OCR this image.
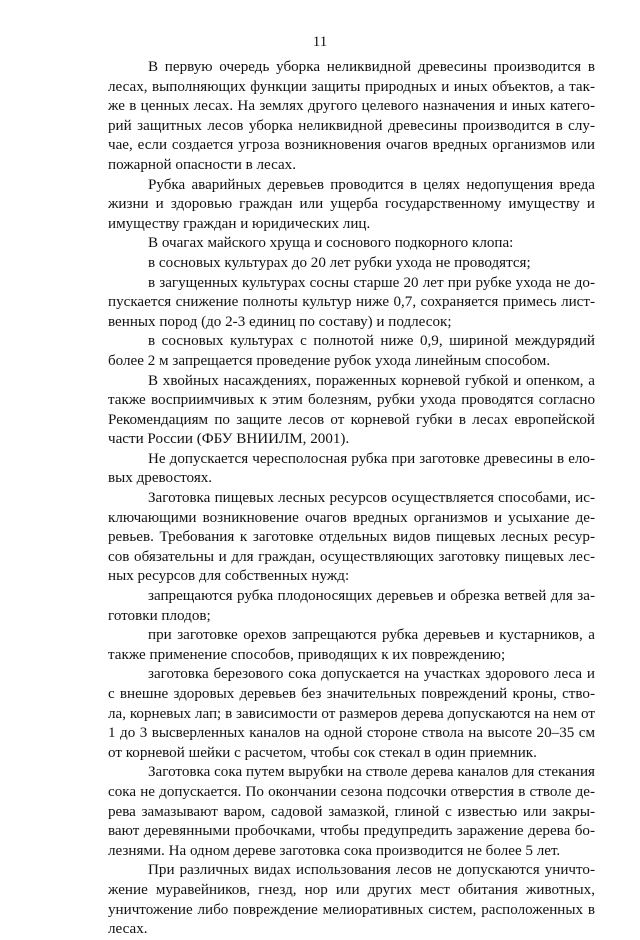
11

В первую очередь уборка неликвидной древесины производится в лесах, выполняющих функции защиты природных и иных объектов, а также в ценных лесах. На землях другого целевого назначения и иных категорий защитных лесов уборка неликвидной древесины производится в случае, если создается угроза возникновения очагов вредных организмов или пожарной опасности в лесах.

Рубка аварийных деревьев проводится в целях недопущения вреда жизни и здоровью граждан или ущерба государственному имуществу и имуществу граждан и юридических лиц.

В очагах майского хруща и соснового подкорного клопа:

в сосновых культурах до 20 лет рубки ухода не проводятся;

в загущенных культурах сосны старше 20 лет при рубке ухода не допускается снижение полноты культур ниже 0,7, сохраняется примесь лиственных пород (до 2-3 единиц по составу) и подлесок;

в сосновых культурах с полнотой ниже 0,9, шириной междурядий более 2 м запрещается проведение рубок ухода линейным способом.

В хвойных насаждениях, пораженных корневой губкой и опенком, а также восприимчивых к этим болезням, рубки ухода проводятся согласно Рекомендациям по защите лесов от корневой губки в лесах европейской части России (ФБУ ВНИИЛМ, 2001).

Не допускается чересполосная рубка при заготовке древесины в еловых древостоях.

Заготовка пищевых лесных ресурсов осуществляется способами, исключающими возникновение очагов вредных организмов и усыхание деревьев. Требования к заготовке отдельных видов пищевых лесных ресурсов обязательны и для граждан, осуществляющих заготовку пищевых лесных ресурсов для собственных нужд:

запрещаются рубка плодоносящих деревьев и обрезка ветвей для заготовки плодов;

при заготовке орехов запрещаются рубка деревьев и кустарников, а также применение способов, приводящих к их повреждению;

заготовка березового сока допускается на участках здорового леса и с внешне здоровых деревьев без значительных повреждений кроны, ствола, корневых лап; в зависимости от размеров дерева допускаются на нем от 1 до 3 высверленных каналов на одной стороне ствола на высоте 20–35 см от корневой шейки с расчетом, чтобы сок стекал в один приемник.

Заготовка сока путем вырубки на стволе дерева каналов для стекания сока не допускается. По окончании сезона подсочки отверстия в стволе дерева замазывают варом, садовой замазкой, глиной с известью или закрывают деревянными пробочками, чтобы предупредить заражение дерева болезнями. На одном дереве заготовка сока производится не более 5 лет.

При различных видах использования лесов не допускаются уничтожение муравейников, гнезд, нор или других мест обитания животных, уничтожение либо повреждение мелиоративных систем, расположенных в лесах.
